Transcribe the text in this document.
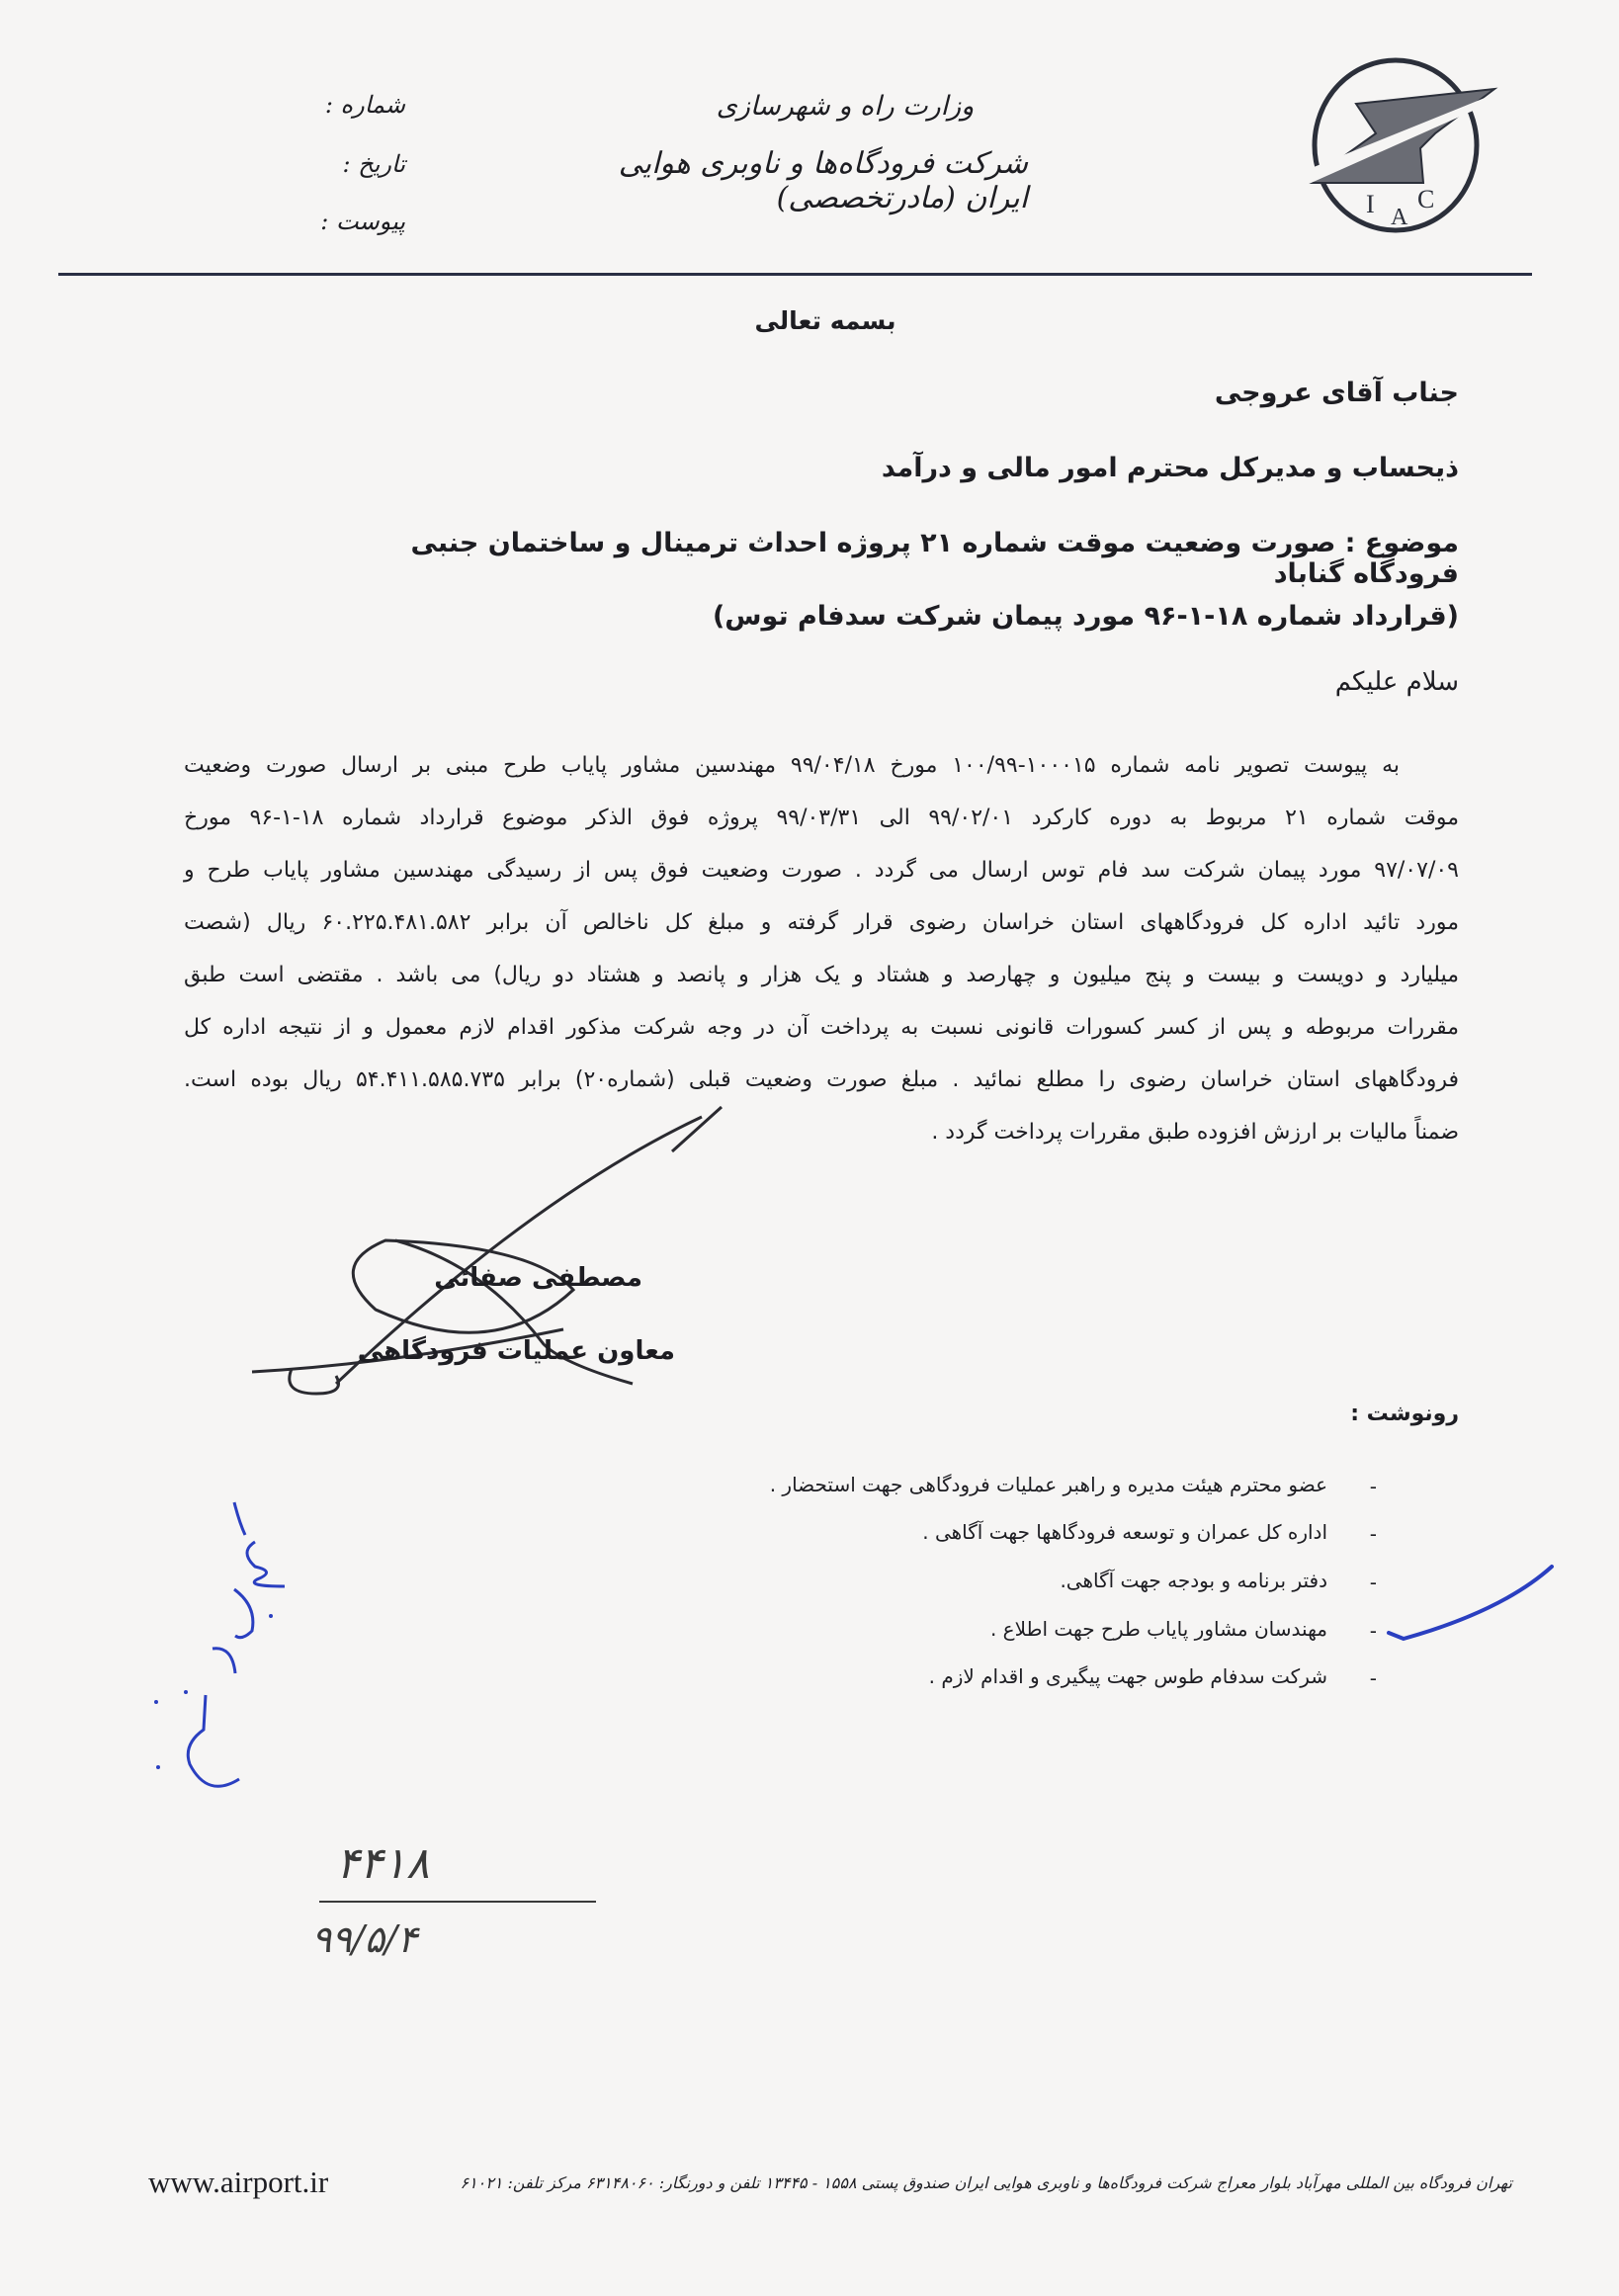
I A
C
وزارت راه و شهرسازی
شرکت فرودگاه‌ها و ناوبری هوایی ایران (مادرتخصصی)
شماره :
تاریخ :
پیوست :
بسمه تعالی
جناب آقای عروجی
ذیحساب و مدیرکل محترم امور مالی و درآمد
موضوع : صورت وضعیت موقت شماره ۲۱ پروژه احداث ترمینال و ساختمان جنبی فرودگاه گناباد
(قرارداد شماره ۱۸-۱-۹۶ مورد پیمان شرکت سدفام توس)
سلام علیکم
به پیوست تصویر نامه شماره ۱۰۰۰۱۵-۱۰۰/۹۹ مورخ ۹۹/۰۴/۱۸ مهندسین مشاور پایاب طرح مبنی بر ارسال صورت وضعیت
موقت شماره ۲۱ مربوط به دوره کارکرد ۹۹/۰۲/۰۱ الی ۹۹/۰۳/۳۱ پروژه فوق الذکر موضوع قرارداد شماره ۱۸-۱-۹۶ مورخ
۹۷/۰۷/۰۹ مورد پیمان شرکت سد فام توس ارسال می گردد . صورت وضعیت فوق پس از رسیدگی مهندسین مشاور پایاب طرح و
مورد تائید اداره کل فرودگاههای استان خراسان رضوی قرار گرفته و مبلغ کل ناخالص آن برابر ۶۰.۲۲۵.۴۸۱.۵۸۲ ریال (شصت
میلیارد و دویست و بیست و پنج میلیون و چهارصد و هشتاد و یک هزار و پانصد و هشتاد دو ریال) می باشد . مقتضی است طبق
مقررات مربوطه و پس از کسر کسورات قانونی نسبت به پرداخت آن در وجه شرکت مذکور اقدام لازم معمول و از نتیجه اداره کل
فرودگاههای استان خراسان رضوی را مطلع نمائید . مبلغ صورت وضعیت قبلی (شماره۲۰) برابر ۵۴.۴۱۱.۵۸۵.۷۳۵ ریال بوده است.
ضمناً مالیات بر ارزش افزوده طبق مقررات پرداخت گردد .
مصطفی صفائی
معاون عملیات فرودگاهی
رونوشت :
-
عضو محترم هیئت مدیره و راهبر عملیات فرودگاهی جهت استحضار .
-
اداره کل عمران و توسعه فرودگاهها جهت آگاهی .
-
دفتر برنامه و بودجه جهت آگاهی.
-
مهندسان مشاور پایاب طرح جهت اطلاع .
-
شرکت سدفام طوس جهت پیگیری و اقدام لازم .
۴۴۱۸
۹۹/۵/۴
www.airport.ir	تهران فرودگاه بین المللی مهرآباد بلوار معراج شرکت فرودگاه‌ها و ناوبری هوایی ایران صندوق پستی ۱۵۵۸ - ۱۳۴۴۵ تلفن و دورنگار: ۶۳۱۴۸۰۶۰ مرکز تلفن: ۶۱۰۲۱
